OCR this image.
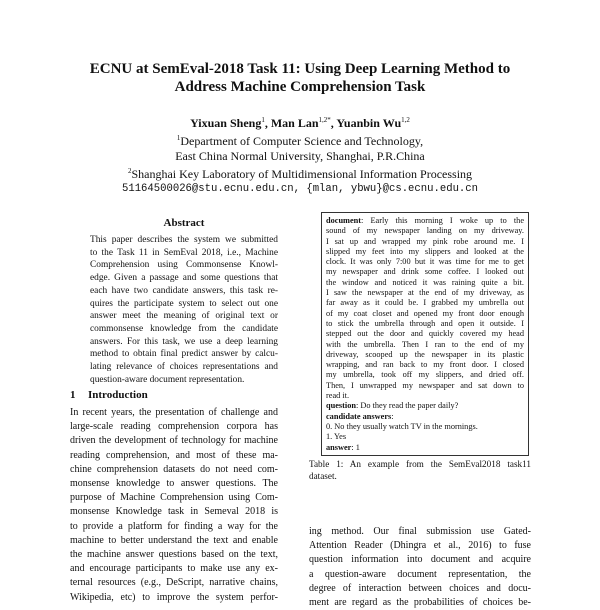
ECNU at SemEval-2018 Task 11: Using Deep Learning Method to
Address Machine Comprehension Task
Yixuan Sheng$^1$, Man Lan$^{1,2*}$, Yuanbin Wu$^{1,2}$
$^1$Department of Computer Science and Technology,
East China Normal University, Shanghai, P.R.China
$^2$Shanghai Key Laboratory of Multidimensional Information Processing
51164500026@stu.ecnu.edu.cn, {mlan, ybwu}@cs.ecnu.edu.cn
Abstract
This paper describes the system we submitted
to the Task 11 in SemEval 2018, i.e., Machine
Comprehension using Commonsense Knowl-
edge. Given a passage and some questions that
each have two candidate answers, this task re-
quires the participate system to select out one
answer meet the meaning of original text or
commonsense knowledge from the candidate
answers. For this task, we use a deep learning
method to obtain final predict answer by calcu-
lating relevance of choices representations and
question-aware document representation.
1 Introduction
In recent years, the presentation of challenge and
large-scale reading comprehension corpora has
driven the development of technology for machine
reading comprehension, and most of these ma-
chine comprehension datasets do not need com-
monsense knowledge to answer questions. The
purpose of Machine Comprehension using Com-
monsense Knowledge task in Semeval 2018 is
to provide a platform for finding a way for the
machine to better understand the text and enable
the machine answer questions based on the text,
and encourage participants to make use any ex-
ternal resources (e.g., DeScript, narrative chains,
Wikipedia, etc) to improve the system perfor-
document: Early this morning I woke up to the
sound of my newspaper landing on my driveway.
I sat up and wrapped my pink robe around me. I
slipped my feet into my slippers and looked at the
clock. It was only 7:00 but it was time for me to get
my newspaper and drink some coffee. I looked out
the window and noticed it was raining quite a bit.
I saw the newspaper at the end of my driveway, as
far away as it could be. I grabbed my umbrella out
of my coat closet and opened my front door enough
to stick the umbrella through and open it outside. I
stepped out the door and quickly covered my head
with the umbrella. Then I ran to the end of my
driveway, scooped up the newspaper in its plastic
wrapping, and ran back to my front door. I closed
my umbrella, took off my slippers, and dried off.
Then, I unwrapped my newspaper and sat down to
read it.
question: Do they read the paper daily?
candidate answers:
0. No they usually watch TV in the mornings.
1. Yes
answer: 1
Table 1: An example from the SemEval2018 task11
dataset.
ing method. Our final submission use Gated-
Attention Reader (Dhingra et al., 2016) to fuse
question information into document and acquire
a question-aware document representation, the
degree of interaction between choices and docu-
ment are regard as the probabilities of choices be-
